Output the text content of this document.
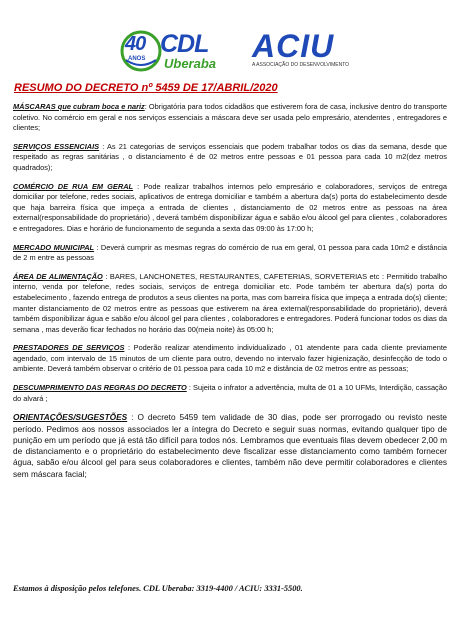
40
ANOS
CDL
Uberaba ACIU
A ASSOCIAÇÃO DO DESENVOLVIMENTO
RESUMO DO DECRETO nº 5459 DE 17/ABRIL/2020

MÁSCARAS que cubram boca e nariz: Obrigatória para todos cidadãos que estiverem fora de casa, inclusive dentro do transporte coletivo. No comércio em geral e nos serviços essenciais a máscara deve ser usada pelo empresário, atendentes , entregadores e clientes;

SERVIÇOS ESSENCIAIS : As 21 categorias de serviços essenciais que podem trabalhar todos os dias da semana, desde que respeitado as regras sanitárias , o distanciamento é de 02 metros entre pessoas e 01 pessoa para cada 10 m2(dez metros quadrados);

COMÉRCIO DE RUA EM GERAL : Pode realizar trabalhos internos pelo empresário e colaboradores, serviços de entrega domiciliar por telefone, redes sociais, aplicativos de entrega domiciliar e também a abertura da(s) porta do estabelecimento desde que haja barreira física que impeça a entrada de clientes , distanciamento de 02 metros entre as pessoas na área external(responsabilidade do proprietário) , deverá também disponibilizar água e sabão e/ou álcool gel para clientes , colaboradores e entregadores. Dias e horário de funcionamento de segunda a sexta das 09:00 às 17:00 h;

MERCADO MUNICIPAL : Deverá cumprir as mesmas regras do comércio de rua em geral, 01 pessoa para cada 10m2 e distância de 2 m entre as pessoas

ÁREA DE ALIMENTAÇÃO : BARES, LANCHONETES, RESTAURANTES, CAFETERIAS, SORVETERIAS etc : Permitido trabalho interno, venda por telefone, redes sociais, serviços de entrega domiciliar etc. Pode também ter abertura da(s) porta do estabelecimento , fazendo entrega de produtos a seus clientes na porta, mas com barreira física que impeça a entrada do(s) cliente; manter distanciamento de 02 metros entre as pessoas que estiverem na área external(responsabilidade do proprietário), deverá também disponibilizar água e sabão e/ou álcool gel para clientes , colaboradores e entregadores. Poderá funcionar todos os dias da semana , mas deverão ficar fechados no horário das 00(meia noite) às 05:00 h;

PRESTADORES DE SERVIÇOS : Poderão realizar atendimento individualizado , 01 atendente para cada cliente previamente agendado, com intervalo de 15 minutos de um cliente para outro, devendo no intervalo fazer higienização, desinfecção de todo o ambiente. Deverá também observar o critério de 01 pessoa para cada 10 m2 e distância de 02 metros entre as pessoas;

DESCUMPRIMENTO DAS REGRAS DO DECRETO : Sujeita o infrator a advertência, multa de 01 a 10 UFMs, Interdição, cassação do alvará ;

ORIENTAÇÕES/SUGESTÕES : O decreto 5459 tem validade de 30 dias, pode ser prorrogado ou revisto neste período. Pedimos aos nossos associados ler a íntegra do Decreto e seguir suas normas, evitando qualquer tipo de punição em um período que já está tão difícil para todos nós. Lembramos que eventuais filas devem obedecer 2,00 m de distanciamento e o proprietário do estabelecimento deve fiscalizar esse distanciamento como também fornecer água, sabão e/ou álcool gel para seus colaboradores e clientes, também não deve permitir colaboradores e clientes sem máscara facial;

Estamos à disposição pelos telefones. CDL Uberaba: 3319-4400 / ACIU: 3331-5500.
